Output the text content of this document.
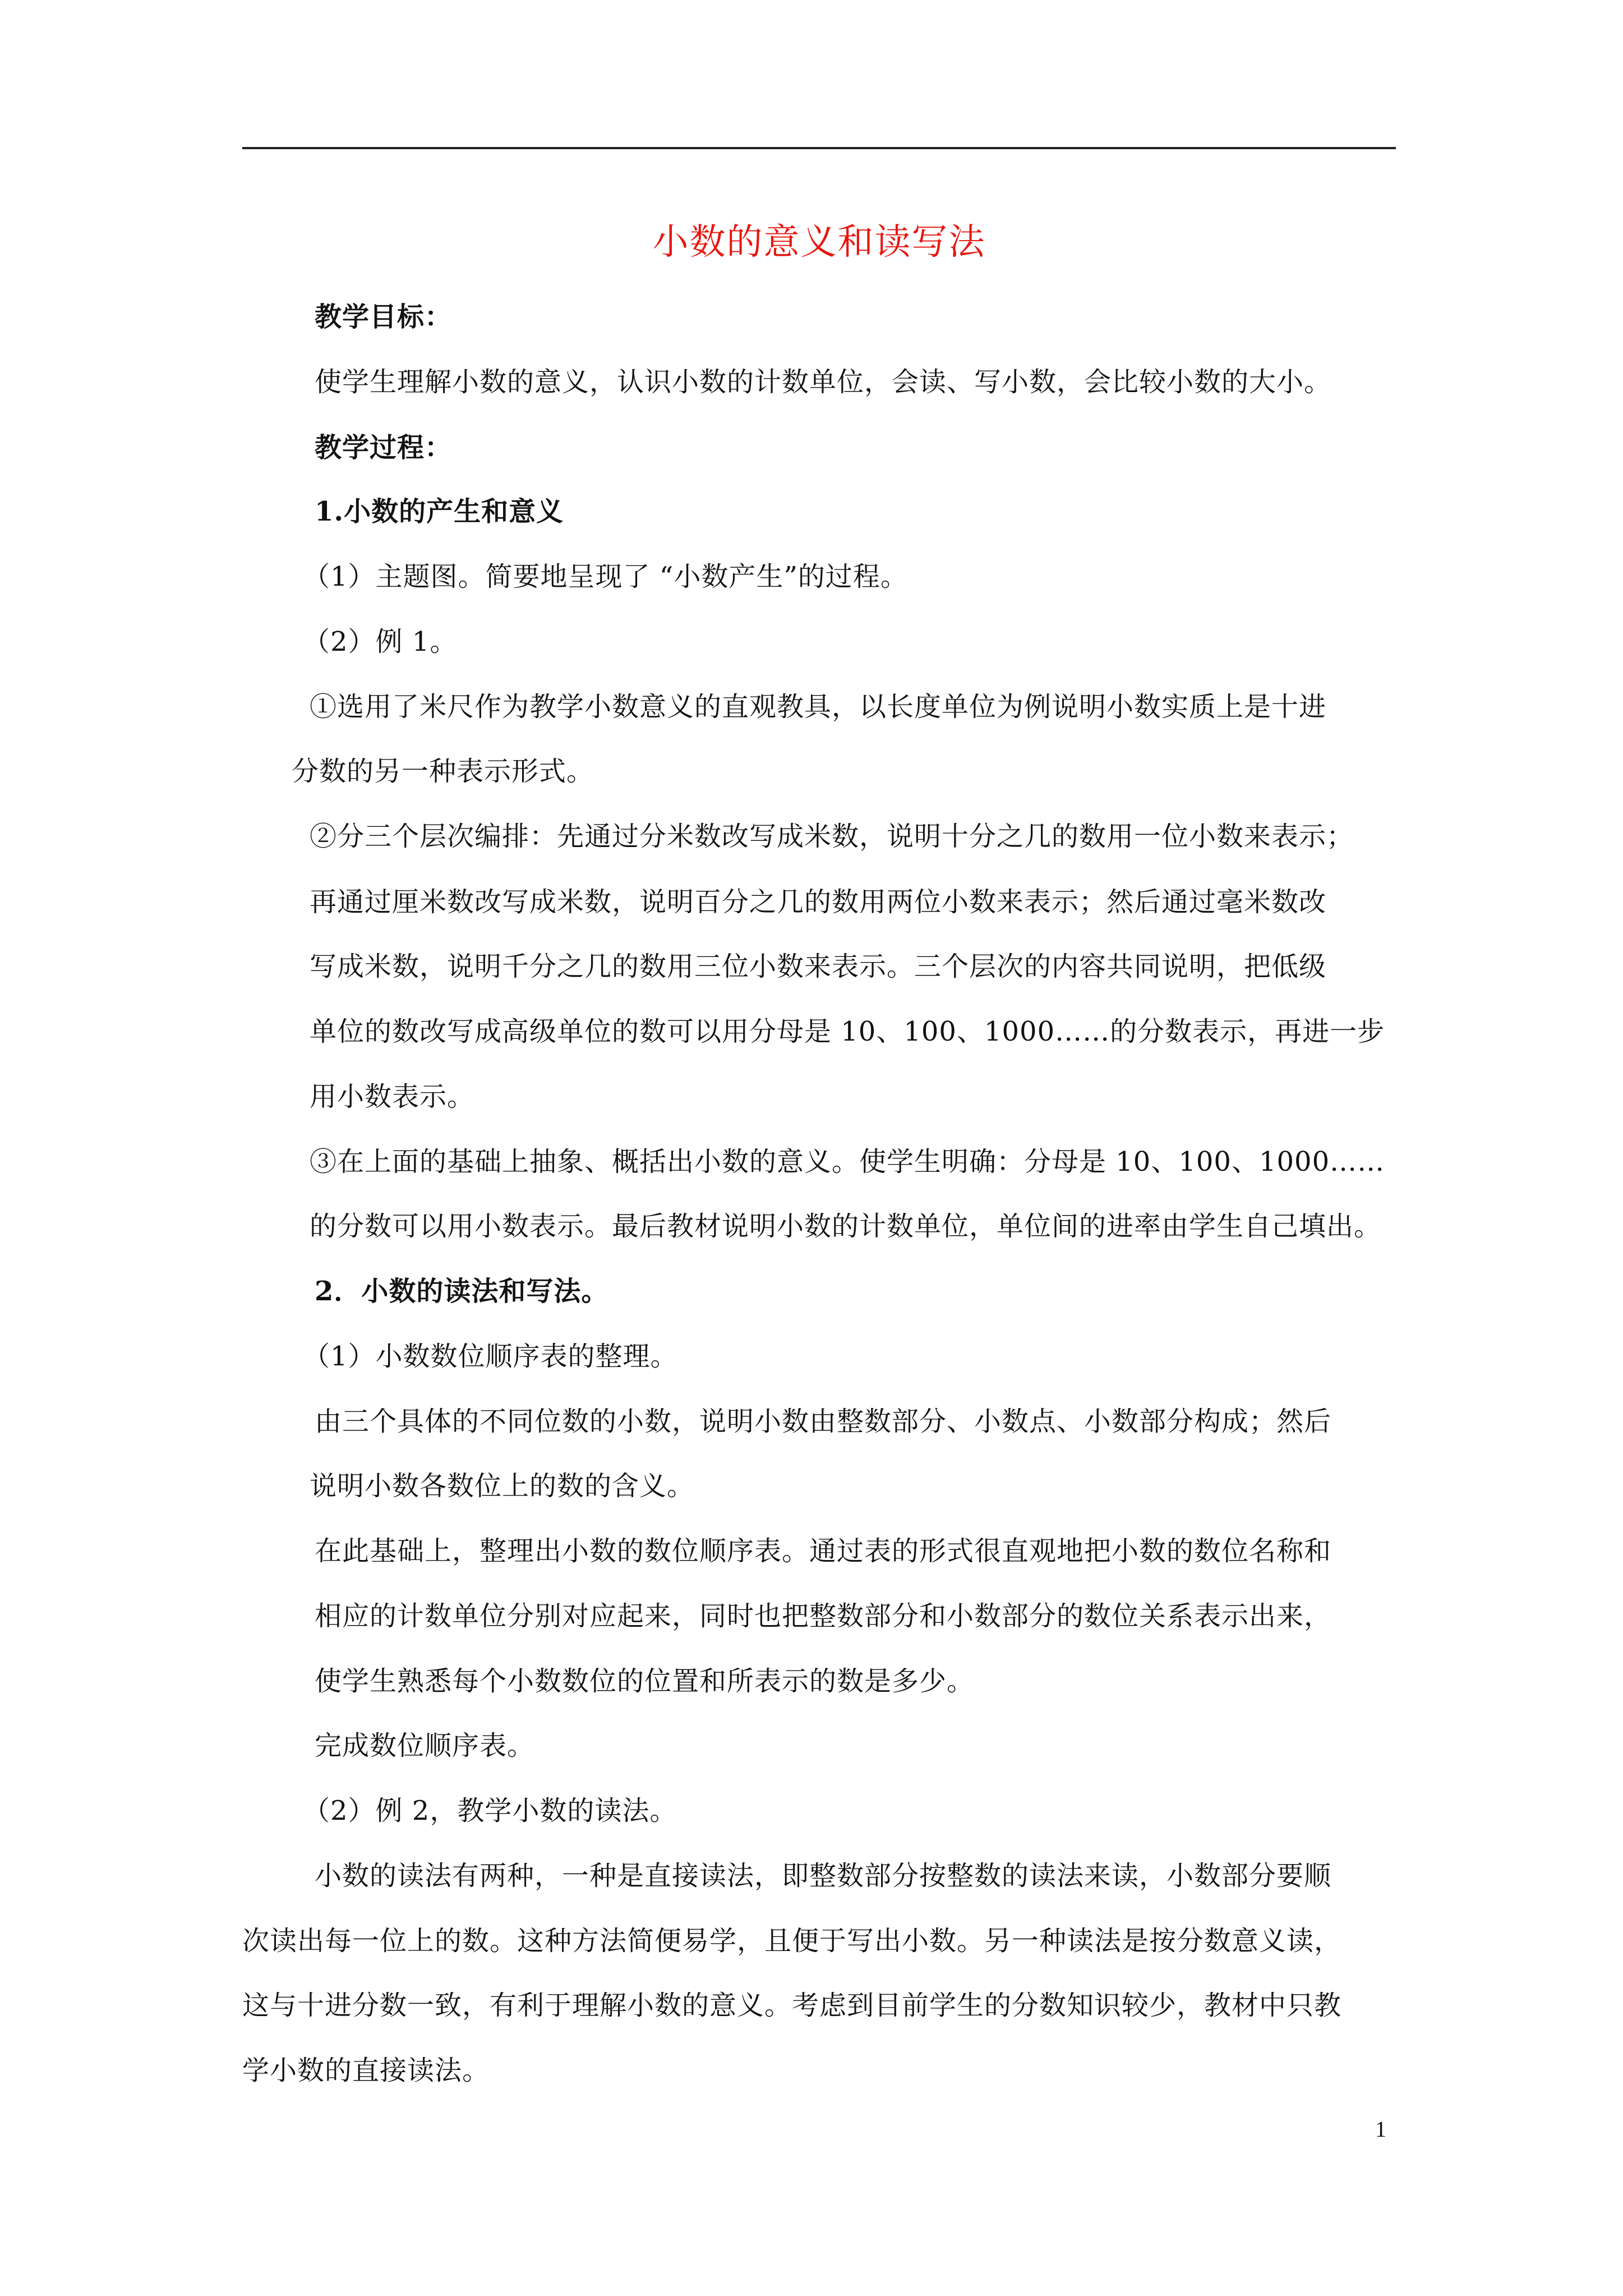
小数的意义和读写法
教学目标：
使学生理解小数的意义，认识小数的计数单位，会读、写小数，会比较小数的大小。
教学过程：
1.小数的产生和意义
（1）主题图。简要地呈现了 “小数产生”的过程。
（2）例 1。
①选用了米尺作为教学小数意义的直观教具，以长度单位为例说明小数实质上是十进
分数的另一种表示形式。
②分三个层次编排：先通过分米数改写成米数，说明十分之几的数用一位小数来表示；
再通过厘米数改写成米数，说明百分之几的数用两位小数来表示；然后通过毫米数改
写成米数，说明千分之几的数用三位小数来表示。三个层次的内容共同说明，把低级
单位的数改写成高级单位的数可以用分母是 10、100、1000……的分数表示，再进一步
用小数表示。
③在上面的基础上抽象、概括出小数的意义。使学生明确：分母是 10、100、1000……
的分数可以用小数表示。最后教材说明小数的计数单位，单位间的进率由学生自己填出。
2．小数的读法和写法。
（1）小数数位顺序表的整理。
由三个具体的不同位数的小数，说明小数由整数部分、小数点、小数部分构成；然后
说明小数各数位上的数的含义。
在此基础上，整理出小数的数位顺序表。通过表的形式很直观地把小数的数位名称和
相应的计数单位分别对应起来，同时也把整数部分和小数部分的数位关系表示出来，
使学生熟悉每个小数数位的位置和所表示的数是多少。
完成数位顺序表。
（2）例 2，教学小数的读法。
小数的读法有两种，一种是直接读法，即整数部分按整数的读法来读，小数部分要顺
次读出每一位上的数。这种方法简便易学，且便于写出小数。另一种读法是按分数意义读，
这与十进分数一致，有利于理解小数的意义。考虑到目前学生的分数知识较少，教材中只教
学小数的直接读法。
1
